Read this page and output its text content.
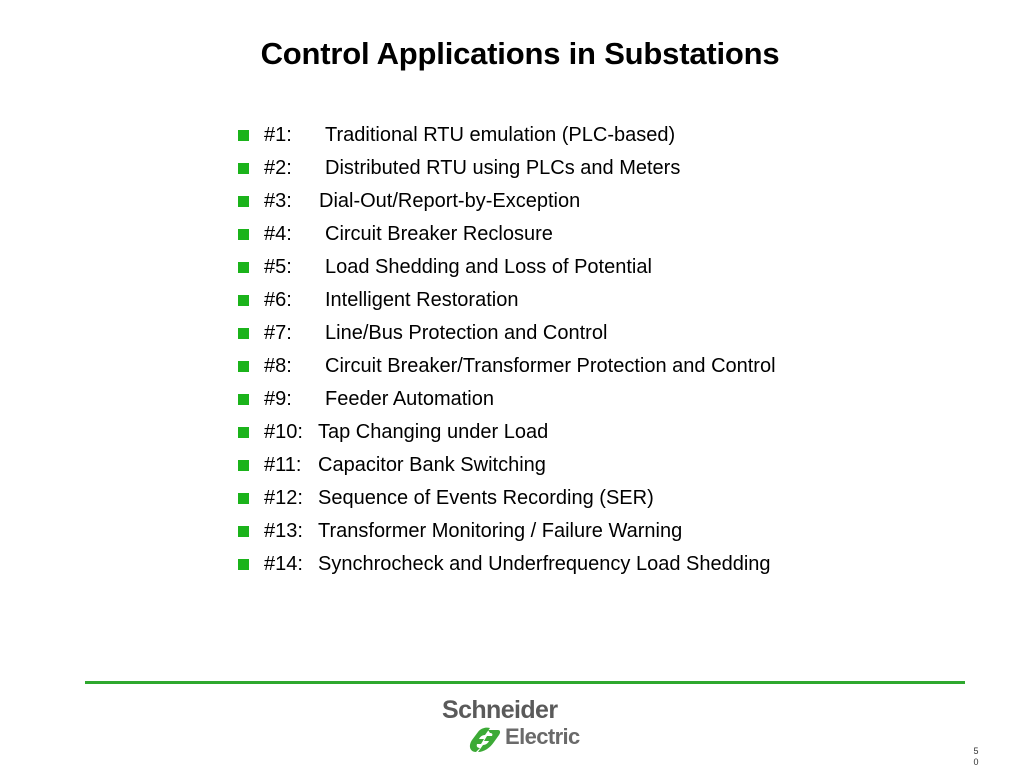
Control Applications in Substations
#1:	Traditional RTU emulation (PLC-based)
#2:	Distributed RTU using PLCs and Meters
#3:	Dial-Out/Report-by-Exception
#4:	Circuit Breaker Reclosure
#5:	Load Shedding and Loss of Potential
#6:	Intelligent Restoration
#7:	Line/Bus Protection and Control
#8:	Circuit Breaker/Transformer Protection and Control
#9:	Feeder Automation
#10: Tap Changing under Load
#11: Capacitor Bank Switching
#12: Sequence of Events Recording (SER)
#13: Transformer Monitoring / Failure Warning
#14: Synchrocheck and Underfrequency Load Shedding
Schneider
Electric
5
0
